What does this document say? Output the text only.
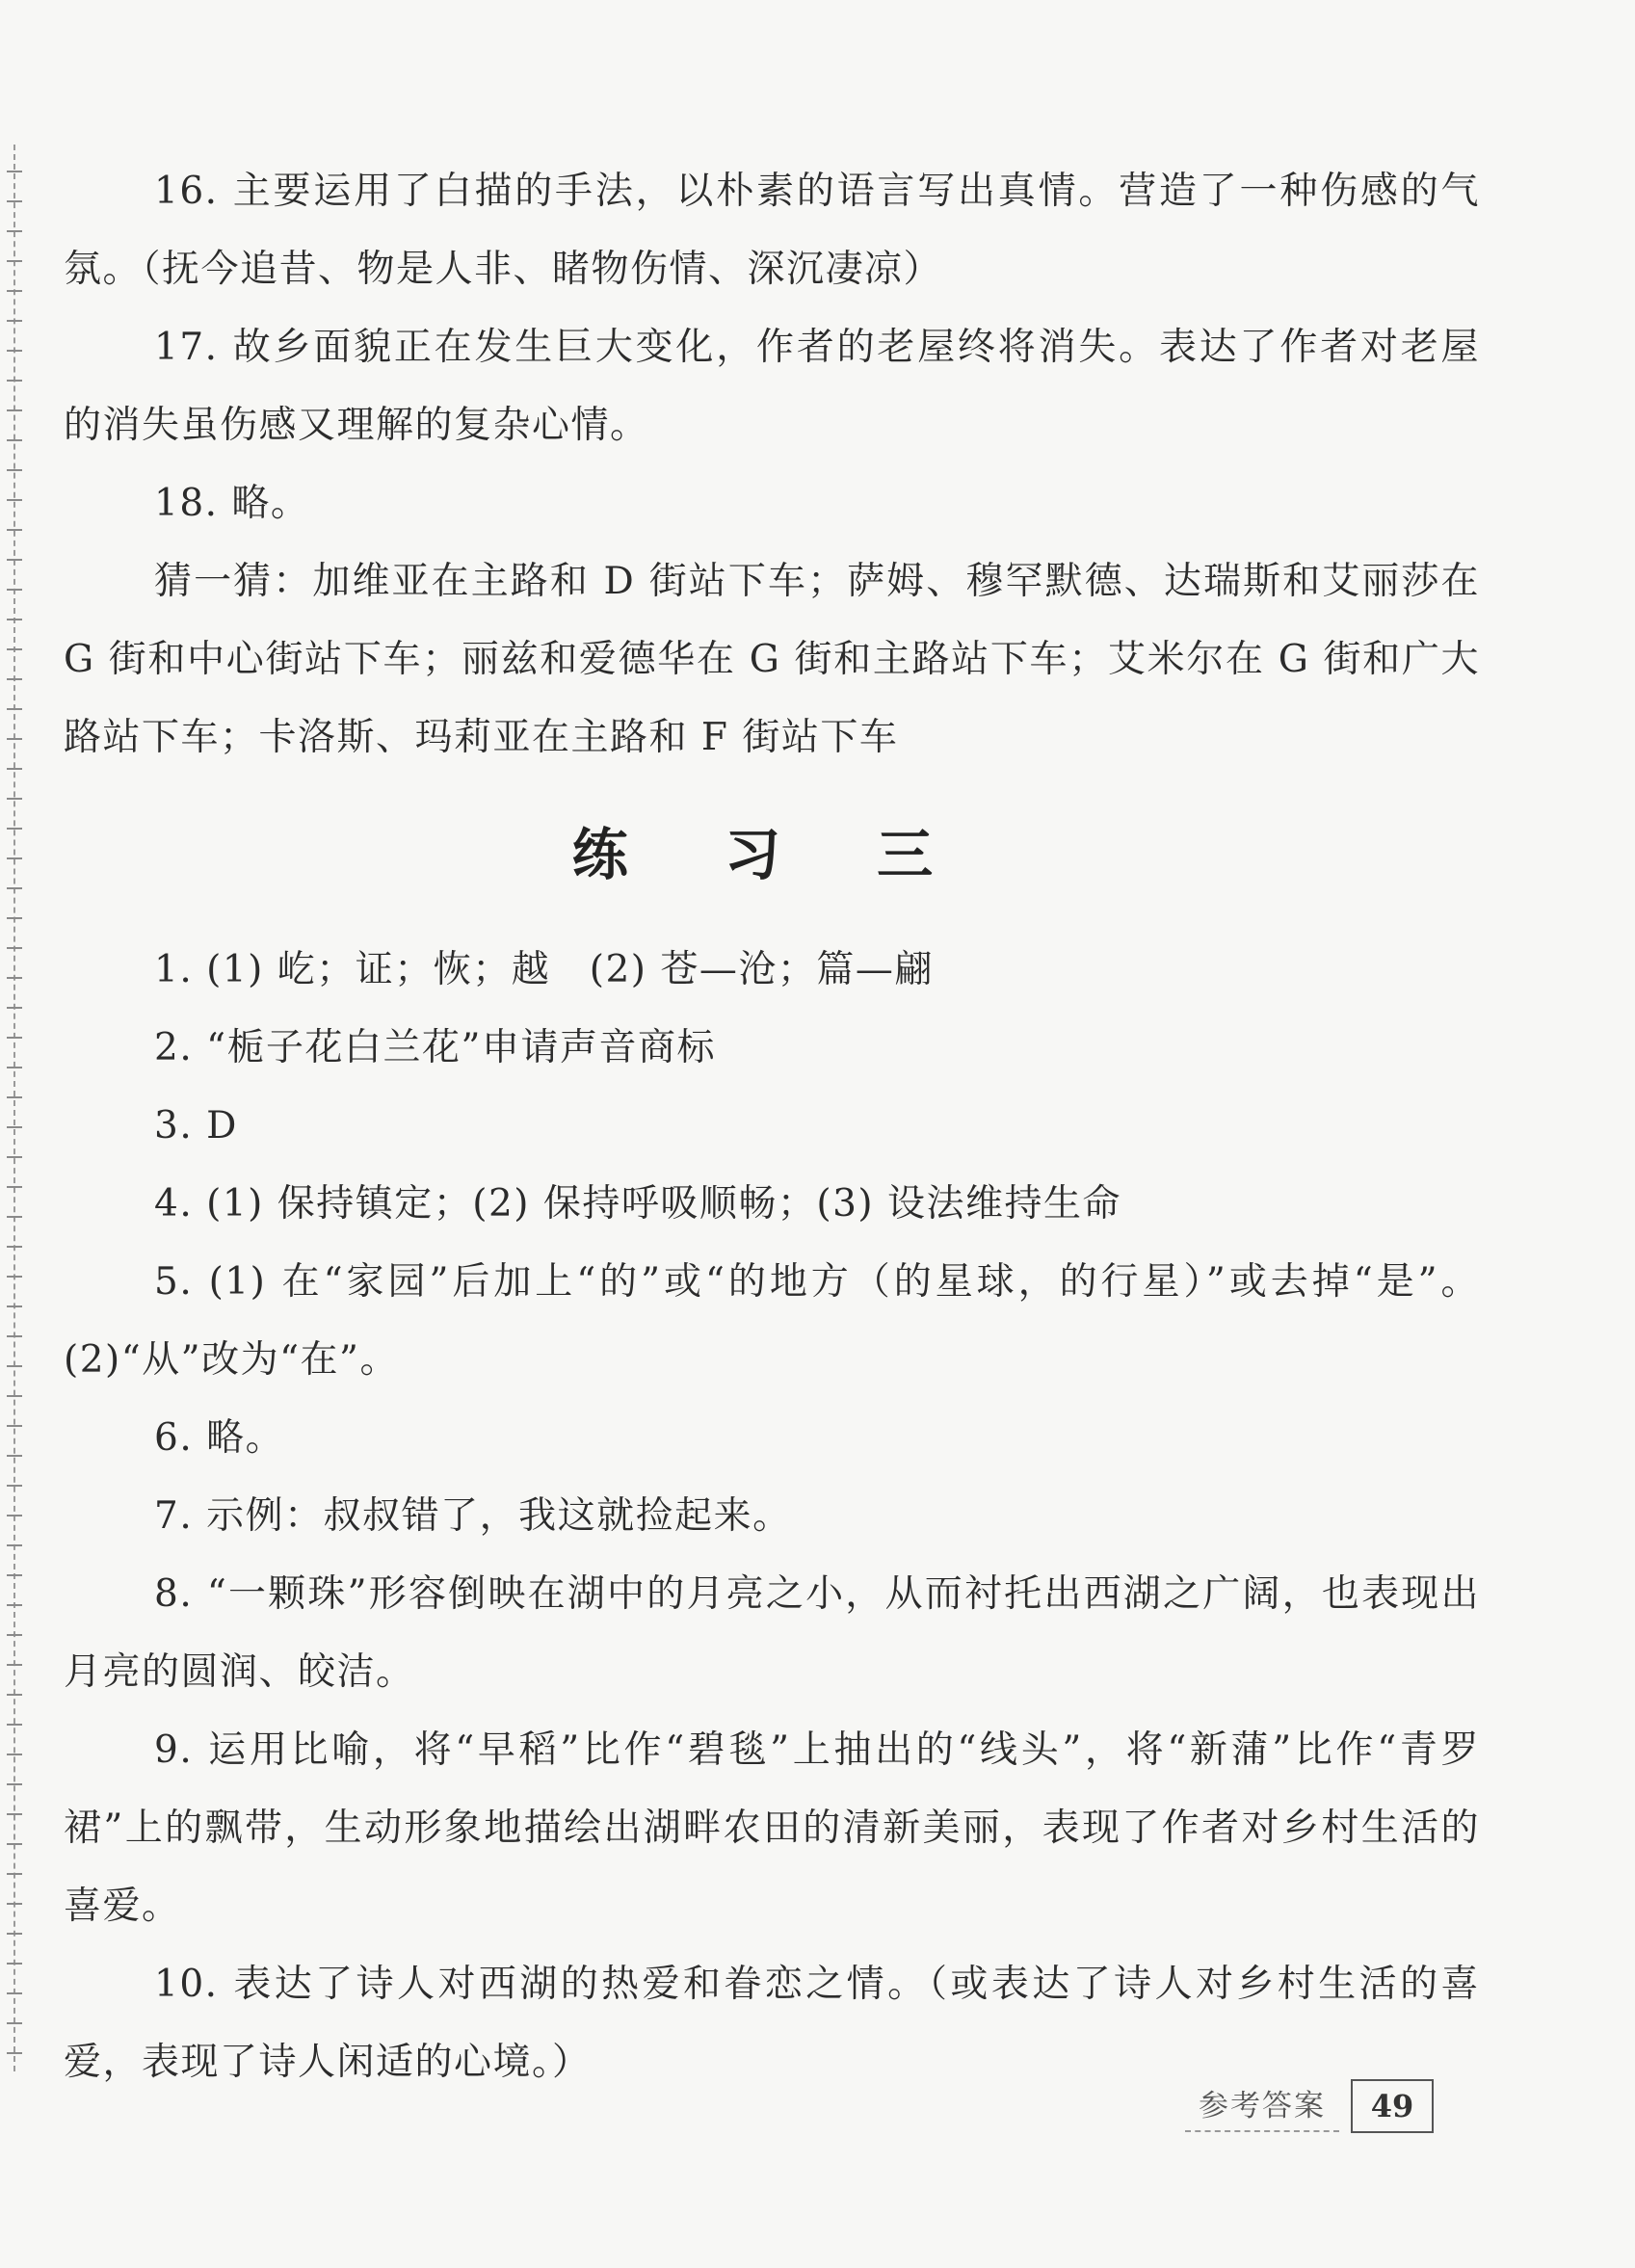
16. 主要运用了白描的手法，以朴素的语言写出真情。营造了一种伤感的气氛。（抚今追昔、物是人非、睹物伤情、深沉凄凉）

17. 故乡面貌正在发生巨大变化，作者的老屋终将消失。表达了作者对老屋的消失虽伤感又理解的复杂心情。

18. 略。

猜一猜：加维亚在主路和 D 街站下车；萨姆、穆罕默德、达瑞斯和艾丽莎在 G 街和中心街站下车；丽兹和爱德华在 G 街和主路站下车；艾米尔在 G 街和广大路站下车；卡洛斯、玛莉亚在主路和 F 街站下车

练 习 三

1. (1) 屹；证；恢；越　(2) 苍—沧；篇—翩

2. “栀子花白兰花”申请声音商标

3. D

4. (1) 保持镇定；(2) 保持呼吸顺畅；(3) 设法维持生命

5. (1) 在“家园”后加上“的”或“的地方（的星球，的行星）”或去掉“是”。(2)“从”改为“在”。

6. 略。

7. 示例：叔叔错了，我这就捡起来。

8. “一颗珠”形容倒映在湖中的月亮之小，从而衬托出西湖之广阔，也表现出月亮的圆润、皎洁。

9. 运用比喻，将“早稻”比作“碧毯”上抽出的“线头”，将“新蒲”比作“青罗裙”上的飘带，生动形象地描绘出湖畔农田的清新美丽，表现了作者对乡村生活的喜爱。

10. 表达了诗人对西湖的热爱和眷恋之情。（或表达了诗人对乡村生活的喜爱，表现了诗人闲适的心境。）

参考答案	49
